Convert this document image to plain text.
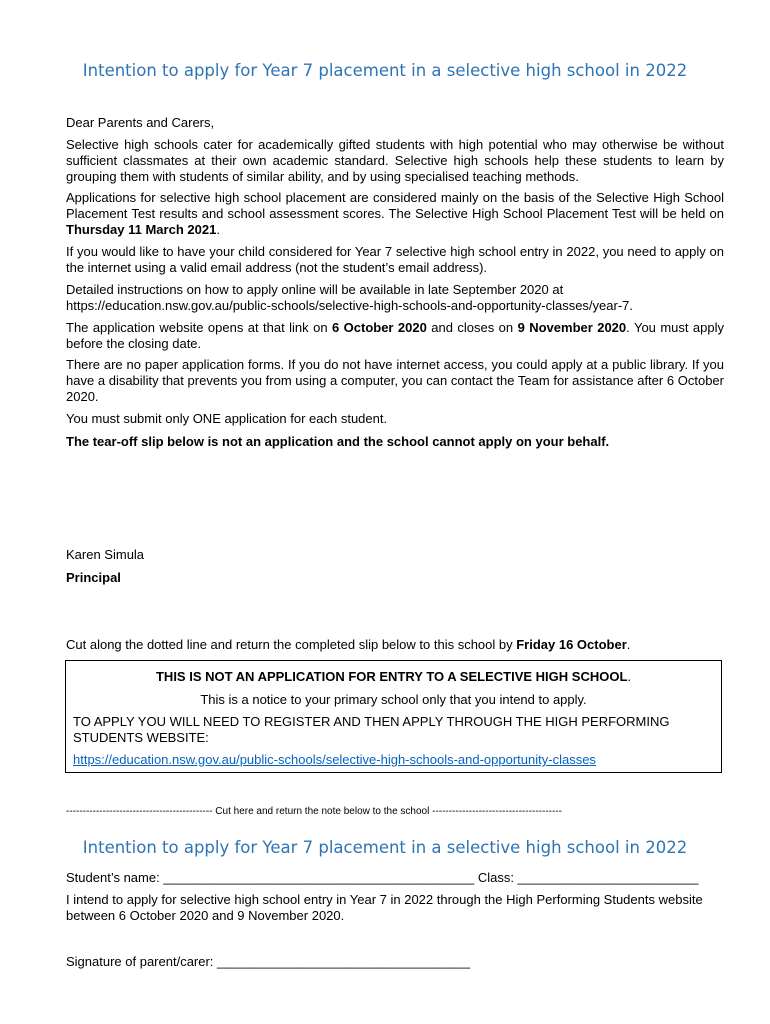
Intention to apply for Year 7 placement in a selective high school in 2022
Dear Parents and Carers,
Selective high schools cater for academically gifted students with high potential who may otherwise be without sufficient classmates at their own academic standard. Selective high schools help these students to learn by grouping them with students of similar ability, and by using specialised teaching methods.
Applications for selective high school placement are considered mainly on the basis of the Selective High School Placement Test results and school assessment scores. The Selective High School Placement Test will be held on Thursday 11 March 2021.
If you would like to have your child considered for Year 7 selective high school entry in 2022, you need to apply on the internet using a valid email address (not the student’s email address).
Detailed instructions on how to apply online will be available in late September 2020 at
https://education.nsw.gov.au/public-schools/selective-high-schools-and-opportunity-classes/year-7.
The application website opens at that link on 6 October 2020 and closes on 9 November 2020. You must apply before the closing date.
There are no paper application forms. If you do not have internet access, you could apply at a public library. If you have a disability that prevents you from using a computer, you can contact the Team for assistance after 6 October 2020.
You must submit only ONE application for each student.
The tear-off slip below is not an application and the school cannot apply on your behalf.
Karen Simula
Principal
Cut along the dotted line and return the completed slip below to this school by Friday 16 October.
THIS IS NOT AN APPLICATION FOR ENTRY TO A SELECTIVE HIGH SCHOOL.
This is a notice to your primary school only that you intend to apply.
TO APPLY YOU WILL NEED TO REGISTER AND THEN APPLY THROUGH THE HIGH PERFORMING STUDENTS WEBSITE:
https://education.nsw.gov.au/public-schools/selective-high-schools-and-opportunity-classes
-------------------------------------------- Cut here and return the note below to the school ---------------------------------------
Intention to apply for Year 7 placement in a selective high school in 2022
Student’s name: ___________________________________________ Class: _________________________
I intend to apply for selective high school entry in Year 7 in 2022 through the High Performing Students website between 6 October 2020 and 9 November 2020.
Signature of parent/carer: ___________________________________
